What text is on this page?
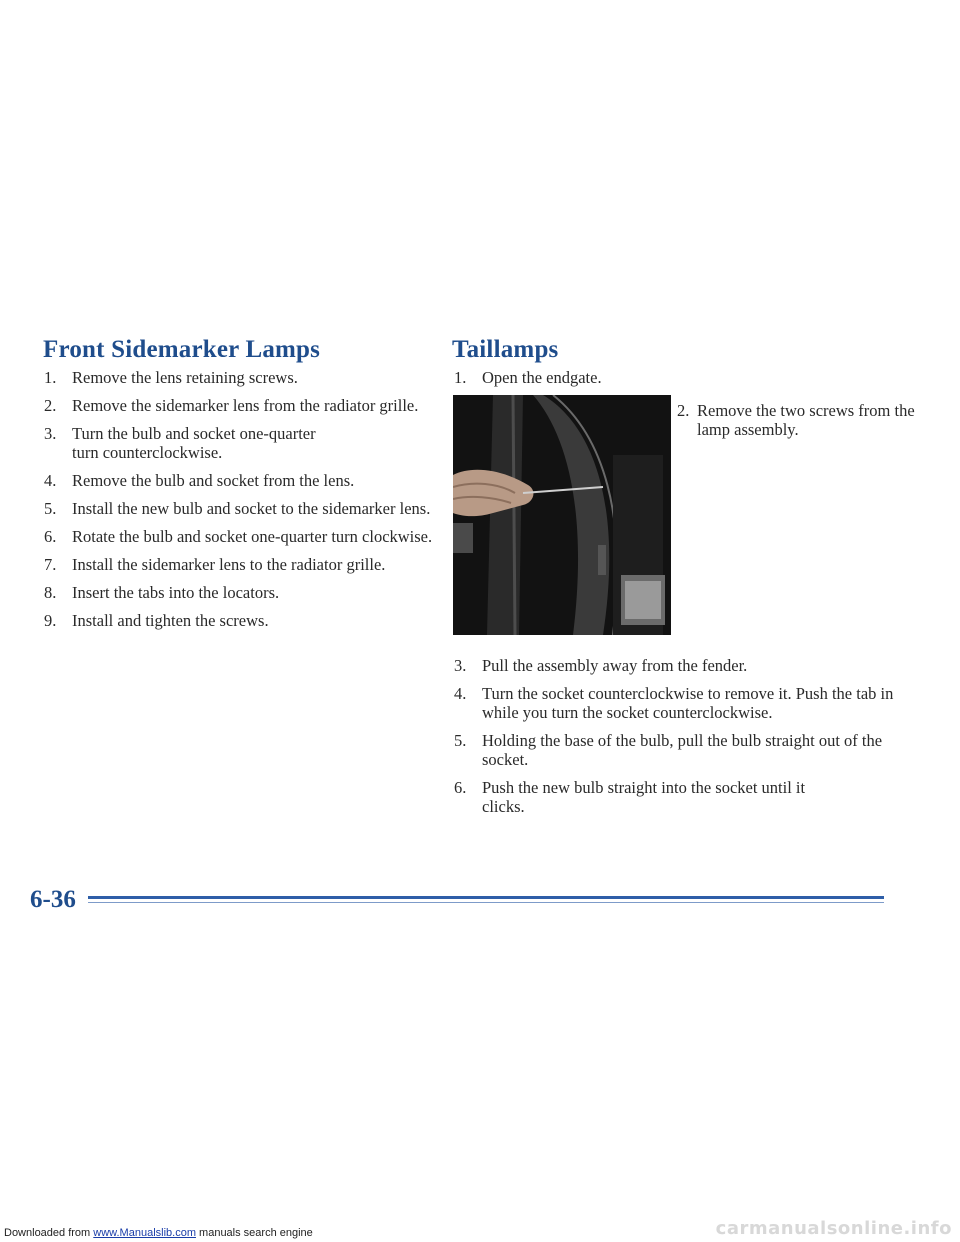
Front Sidemarker Lamps
1. Remove the lens retaining screws.
2. Remove the sidemarker lens from the radiator grille.
3. Turn the bulb and socket one-quarter turn counterclockwise.
4. Remove the bulb and socket from the lens.
5. Install the new bulb and socket to the sidemarker lens.
6. Rotate the bulb and socket one-quarter turn clockwise.
7. Install the sidemarker lens to the radiator grille.
8. Insert the tabs into the locators.
9. Install and tighten the screws.
Taillamps
1. Open the endgate.
2. Remove the two screws from the lamp assembly.
3. Pull the assembly away from the fender.
4. Turn the socket counterclockwise to remove it. Push the tab in while you turn the socket counterclockwise.
5. Holding the base of the bulb, pull the bulb straight out of the socket.
6. Push the new bulb straight into the socket until it clicks.

6-36

Downloaded from www.Manualslib.com manuals search engine	carmanualsonline.info
